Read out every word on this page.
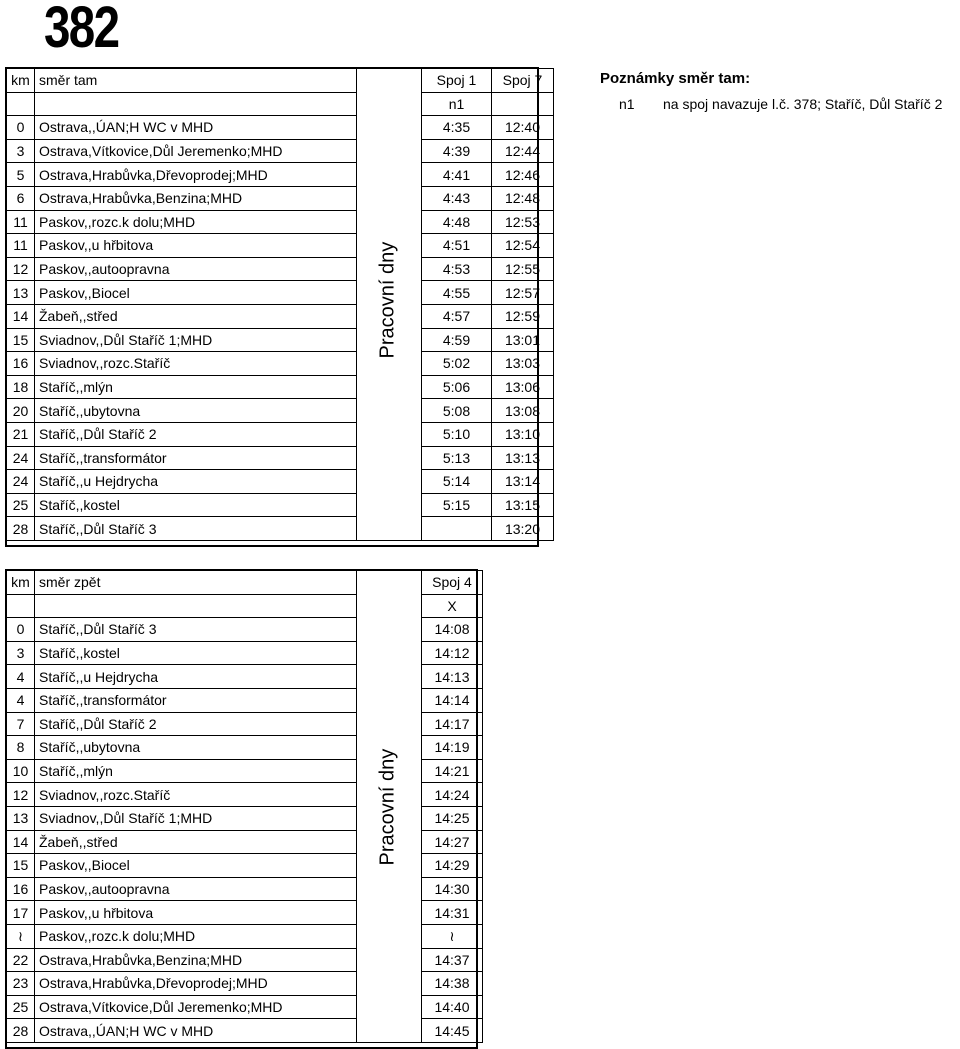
382
km	směr tam		Spoj 1	Spoj 7
			n1	
0	Ostrava,,ÚAN;H WC v MHD		4:35	12:40
3	Ostrava,Vítkovice,Důl Jeremenko;MHD		4:39	12:44
5	Ostrava,Hrabůvka,Dřevoprodej;MHD		4:41	12:46
6	Ostrava,Hrabůvka,Benzina;MHD		4:43	12:48
11	Paskov,,rozc.k dolu;MHD		4:48	12:53
11	Paskov,,u hřbitova		4:51	12:54
12	Paskov,,autoopravna		4:53	12:55
13	Paskov,,Biocel		4:55	12:57
14	Žabeň,,střed		4:57	12:59
15	Sviadnov,,Důl Staříč 1;MHD		4:59	13:01
16	Sviadnov,,rozc.Staříč		5:02	13:03
18	Staříč,,mlýn		5:06	13:06
20	Staříč,,ubytovna		5:08	13:08
21	Staříč,,Důl Staříč 2		5:10	13:10
24	Staříč,,transformátor		5:13	13:13
24	Staříč,,u Hejdrycha		5:14	13:14
25	Staříč,,kostel		5:15	13:15
28	Staříč,,Důl Staříč 3			13:20
Pracovní dny
Poznámky směr tam:
n1 na spoj navazuje l.č. 378; Staříč, Důl Staříč 2
km	směr zpět		Spoj 4
			X
0	Staříč,,Důl Staříč 3		14:08
3	Staříč,,kostel		14:12
4	Staříč,,u Hejdrycha		14:13
4	Staříč,,transformátor		14:14
7	Staříč,,Důl Staříč 2		14:17
8	Staříč,,ubytovna		14:19
10	Staříč,,mlýn		14:21
12	Sviadnov,,rozc.Staříč		14:24
13	Sviadnov,,Důl Staříč 1;MHD		14:25
14	Žabeň,,střed		14:27
15	Paskov,,Biocel		14:29
16	Paskov,,autoopravna		14:30
17	Paskov,,u hřbitova		14:31
≀	Paskov,,rozc.k dolu;MHD		≀
22	Ostrava,Hrabůvka,Benzina;MHD		14:37
23	Ostrava,Hrabůvka,Dřevoprodej;MHD		14:38
25	Ostrava,Vítkovice,Důl Jeremenko;MHD		14:40
28	Ostrava,,ÚAN;H WC v MHD		14:45
Pracovní dny
